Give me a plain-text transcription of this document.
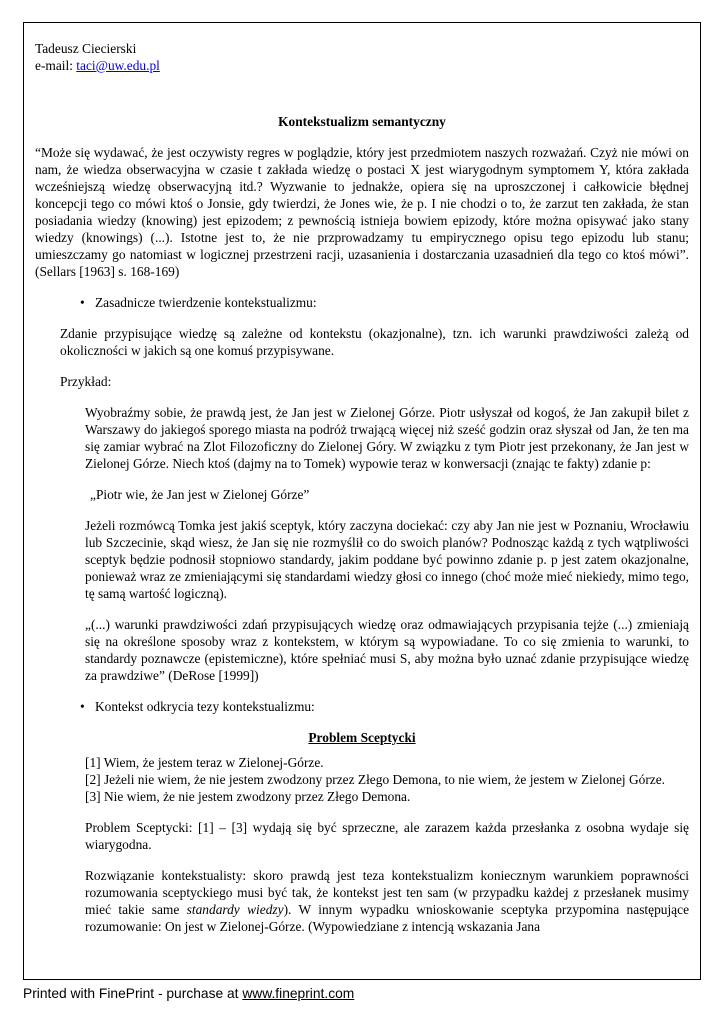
Tadeusz Ciecierski

e-mail: taci@uw.edu.pl

Kontekstualizm semantyczny

“Może się wydawać, że jest oczywisty regres w poglądzie, który jest przedmiotem naszych rozważań. Czyż nie mówi on nam, że wiedza obserwacyjna w czasie t zakłada wiedzę o postaci X jest wiarygodnym symptomem Y, która zakłada wcześniejszą wiedzę obserwacyjną itd.? Wyzwanie to jednakże, opiera się na uproszczonej i całkowicie błędnej koncepcji tego co mówi ktoś o Jonsie, gdy twierdzi, że Jones wie, że p. I nie chodzi o to, że zarzut ten zakłada, że stan posiadania wiedzy (knowing) jest epizodem; z pewnością istnieja bowiem epizody, które można opisywać jako stany wiedzy (knowings) (...). Istotne jest to, że nie przprowadzamy tu empirycznego opisu tego epizodu lub stanu; umieszczamy go natomiast w logicznej przestrzeni racji, uzasanienia i dostarczania uzasadnień dla tego co ktoś mówi”. (Sellars [1963] s. 168-169)

• Zasadnicze twierdzenie kontekstualizmu:

Zdanie przypisujące wiedzę są zależne od kontekstu (okazjonalne), tzn. ich warunki prawdziwości zależą od okoliczności w jakich są one komuś przypisywane.

Przykład:

Wyobraźmy sobie, że prawdą jest, że Jan jest w Zielonej Górze. Piotr usłyszał od kogoś, że Jan zakupił bilet z Warszawy do jakiegoś sporego miasta na podróż trwającą więcej niż sześć godzin oraz słyszał od Jan, że ten ma się zamiar wybrać na Zlot Filozoficzny do Zielonej Góry. W związku z tym Piotr jest przekonany, że Jan jest w Zielonej Górze. Niech ktoś (dajmy na to Tomek) wypowie teraz w konwersacji (znając te fakty) zdanie p:

„Piotr wie, że Jan jest w Zielonej Górze”

Jeżeli rozmówcą Tomka jest jakiś sceptyk, który zaczyna dociekać: czy aby Jan nie jest w Poznaniu, Wrocławiu lub Szczecinie, skąd wiesz, że Jan się nie rozmyślił co do swoich planów? Podnosząc każdą z tych wątpliwości sceptyk będzie podnosił stopniowo standardy, jakim poddane być powinno zdanie p. p jest zatem okazjonalne, ponieważ wraz ze zmieniającymi się standardami wiedzy głosi co innego (choć może mieć niekiedy, mimo tego, tę samą wartość logiczną).

„(...) warunki prawdziwości zdań przypisujących wiedzę oraz odmawiających przypisania tejże (...) zmieniają się na określone sposoby wraz z kontekstem, w którym są wypowiadane. To co się zmienia to warunki, to standardy poznawcze (epistemiczne), które spełniać musi S, aby można było uznać zdanie przypisujące wiedzę za prawdziwe” (DeRose [1999])

• Kontekst odkrycia tezy kontekstualizmu:

Problem Sceptycki

[1] Wiem, że jestem teraz w Zielonej-Górze.

[2] Jeżeli nie wiem, że nie jestem zwodzony przez Złego Demona, to nie wiem, że jestem w Zielonej Górze.

[3] Nie wiem, że nie jestem zwodzony przez Złego Demona.

Problem Sceptycki: [1] – [3] wydają się być sprzeczne, ale zarazem każda przesłanka z osobna wydaje się wiarygodna.

Rozwiązanie kontekstualisty: skoro prawdą jest teza kontekstualizm koniecznym warunkiem poprawności rozumowania sceptyckiego musi być tak, że kontekst jest ten sam (w przypadku każdej z przesłanek musimy mieć takie same standardy wiedzy). W innym wypadku wnioskowanie sceptyka przypomina następujące rozumowanie: On jest w Zielonej-Górze. (Wypowiedziane z intencją wskazania Jana

Printed with FinePrint - purchase at www.fineprint.com
